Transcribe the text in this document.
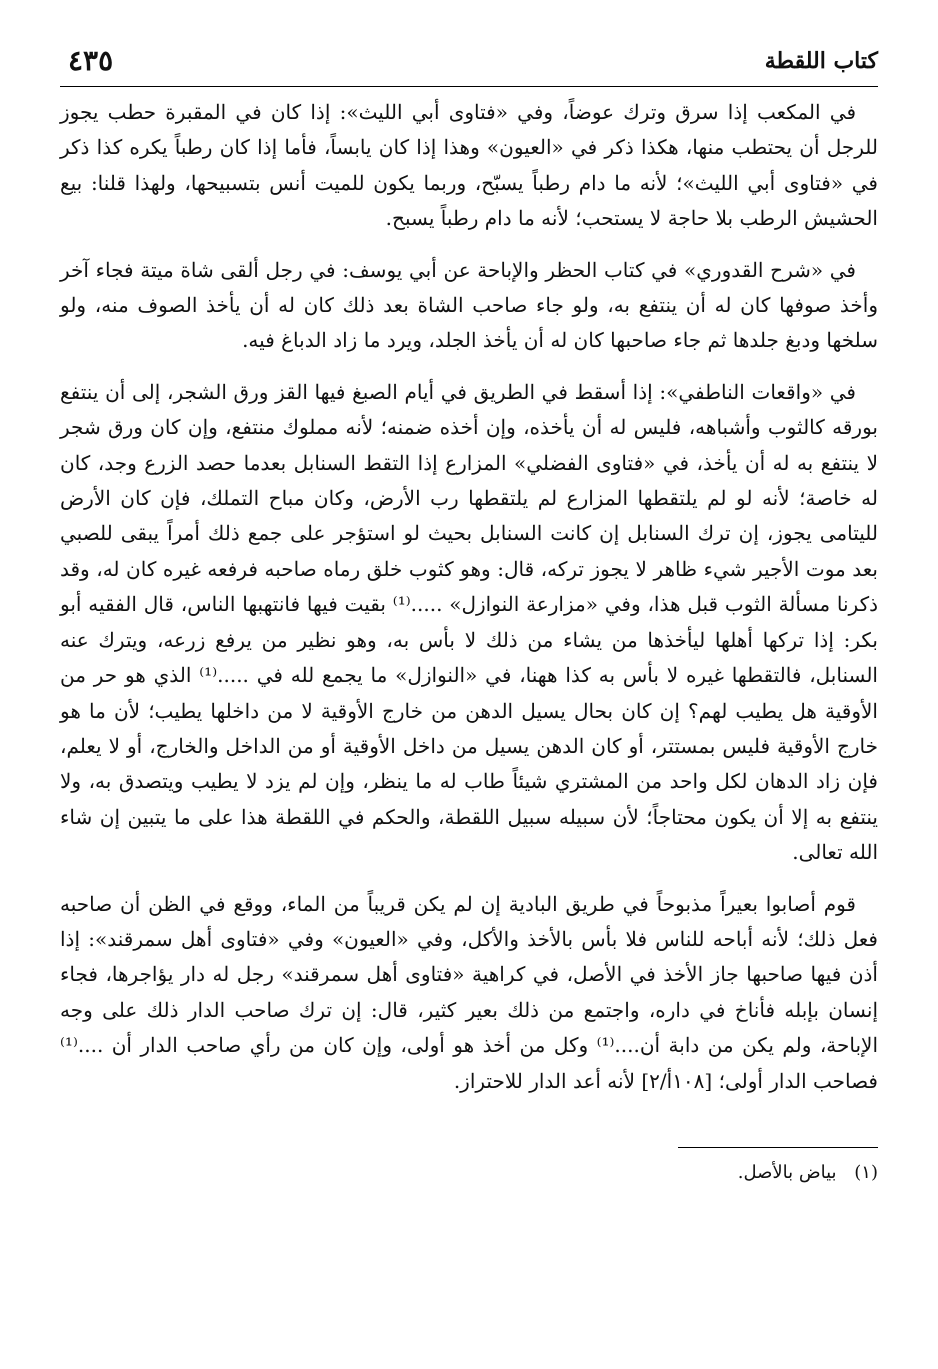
كتاب اللقطة
٤٣٥

في المكعب إذا سرق وترك عوضاً، وفي «فتاوى أبي الليث»: إذا كان في المقبرة حطب يجوز للرجل أن يحتطب منها، هكذا ذكر في «العيون» وهذا إذا كان يابساً، فأما إذا كان رطباً يكره كذا ذكر في «فتاوى أبي الليث»؛ لأنه ما دام رطباً يسبّح، وربما يكون للميت أنس بتسبيحها، ولهذا قلنا: بيع الحشيش الرطب بلا حاجة لا يستحب؛ لأنه ما دام رطباً يسبح.

في «شرح القدوري» في كتاب الحظر والإباحة عن أبي يوسف: في رجل ألقى شاة ميتة فجاء آخر وأخذ صوفها كان له أن ينتفع به، ولو جاء صاحب الشاة بعد ذلك كان له أن يأخذ الصوف منه، ولو سلخها ودبغ جلدها ثم جاء صاحبها كان له أن يأخذ الجلد، ويرد ما زاد الدباغ فيه.

في «واقعات الناطفي»: إذا أسقط في الطريق في أيام الصبغ فيها القز ورق الشجر، إلى أن ينتفع بورقه كالثوب وأشباهه، فليس له أن يأخذه، وإن أخذه ضمنه؛ لأنه مملوك منتفع، وإن كان ورق شجر لا ينتفع به له أن يأخذ، في «فتاوى الفضلي» المزارع إذا التقط السنابل بعدما حصد الزرع وجد، كان له خاصة؛ لأنه لو لم يلتقطها المزارع لم يلتقطها رب الأرض، وكان مباح التملك، فإن كان الأرض لليتامى يجوز، إن ترك السنابل إن كانت السنابل بحيث لو استؤجر على جمع ذلك أمراً يبقى للصبي بعد موت الأجير شيء ظاهر لا يجوز تركه، قال: وهو كثوب خلق رماه صاحبه فرفعه غيره كان له، وقد ذكرنا مسألة الثوب قبل هذا، وفي «مزارعة النوازل» .....⁽¹⁾ بقيت فيها فانتهبها الناس، قال الفقيه أبو بكر: إذا تركها أهلها ليأخذها من يشاء من ذلك لا بأس به، وهو نظير من يرفع زرعه، ويترك عنه السنابل، فالتقطها غيره لا بأس به كذا ههنا، في «النوازل» ما يجمع لله في .....⁽¹⁾ الذي هو حر من الأوقية هل يطيب لهم؟ إن كان بحال يسيل الدهن من خارج الأوقية لا من داخلها يطيب؛ لأن ما هو خارج الأوقية فليس بمستتر، أو كان الدهن يسيل من داخل الأوقية أو من الداخل والخارج، أو لا يعلم، فإن زاد الدهان لكل واحد من المشتري شيئاً طاب له ما ينظر، وإن لم يزد لا يطيب ويتصدق به، ولا ينتفع به إلا أن يكون محتاجاً؛ لأن سبيله سبيل اللقطة، والحكم في اللقطة هذا على ما يتبين إن شاء الله تعالى.

قوم أصابوا بعيراً مذبوحاً في طريق البادية إن لم يكن قريباً من الماء، ووقع في الظن أن صاحبه فعل ذلك؛ لأنه أباحه للناس فلا بأس بالأخذ والأكل، وفي «العيون» وفي «فتاوى أهل سمرقند»: إذا أذن فيها صاحبها جاز الأخذ في الأصل، في كراهية «فتاوى أهل سمرقند» رجل له دار يؤاجرها، فجاء إنسان بإبله فأناخ في داره، واجتمع من ذلك بعير كثير، قال: إن ترك صاحب الدار ذلك على وجه الإباحة، ولم يكن من دابة أن....⁽¹⁾ وكل من أخذ هو أولى، وإن كان من رأي صاحب الدار أن ....⁽¹⁾ فصاحب الدار أولى؛ [١٠٨أ/٢] لأنه أعد الدار للاحتراز.

(١) بياض بالأصل.
